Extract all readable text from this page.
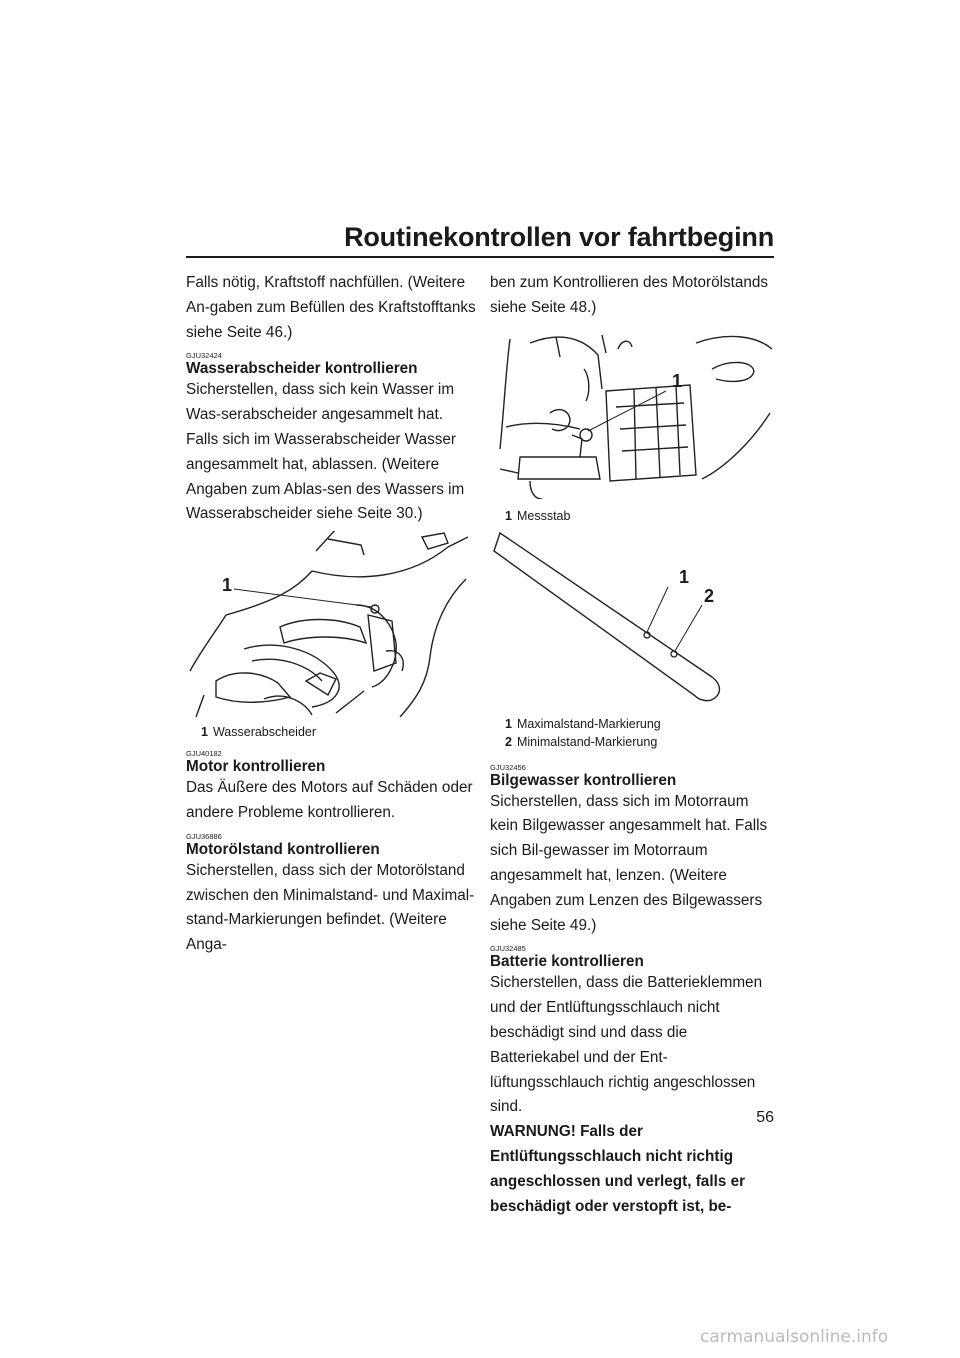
Routinekontrollen vor fahrtbeginn

Falls nötig, Kraftstoff nachfüllen. (Weitere An-gaben zum Befüllen des Kraftstofftanks siehe Seite 46.)

GJU32424
Wasserabscheider kontrollieren

Sicherstellen, dass sich kein Wasser im Was-serabscheider angesammelt hat. Falls sich im Wasserabscheider Wasser angesammelt hat, ablassen. (Weitere Angaben zum Ablas-sen des Wassers im Wasserabscheider siehe Seite 30.)

1
1 Wasserabscheider
GJU40182
Motor kontrollieren

Das Äußere des Motors auf Schäden oder andere Probleme kontrollieren.

GJU36886
Motorölstand kontrollieren

Sicherstellen, dass sich der Motorölstand zwischen den Minimalstand- und Maximal-stand-Markierungen befindet. (Weitere Anga-

ben zum Kontrollieren des Motorölstands siehe Seite 48.)

1
1 Messstab
1
2
1 Maximalstand-Markierung
2 Minimalstand-Markierung
GJU32456
Bilgewasser kontrollieren

Sicherstellen, dass sich im Motorraum kein Bilgewasser angesammelt hat. Falls sich Bil-gewasser im Motorraum angesammelt hat, lenzen. (Weitere Angaben zum Lenzen des Bilgewassers siehe Seite 49.)

GJU32485
Batterie kontrollieren

Sicherstellen, dass die Batterieklemmen und der Entlüftungsschlauch nicht beschädigt sind und dass die Batteriekabel und der Ent-lüftungsschlauch richtig angeschlossen sind.

WARNUNG! Falls der Entlüftungsschlauch nicht richtig angeschlossen und verlegt, falls er beschädigt oder verstopft ist, be-

56
carmanualsonline.info
